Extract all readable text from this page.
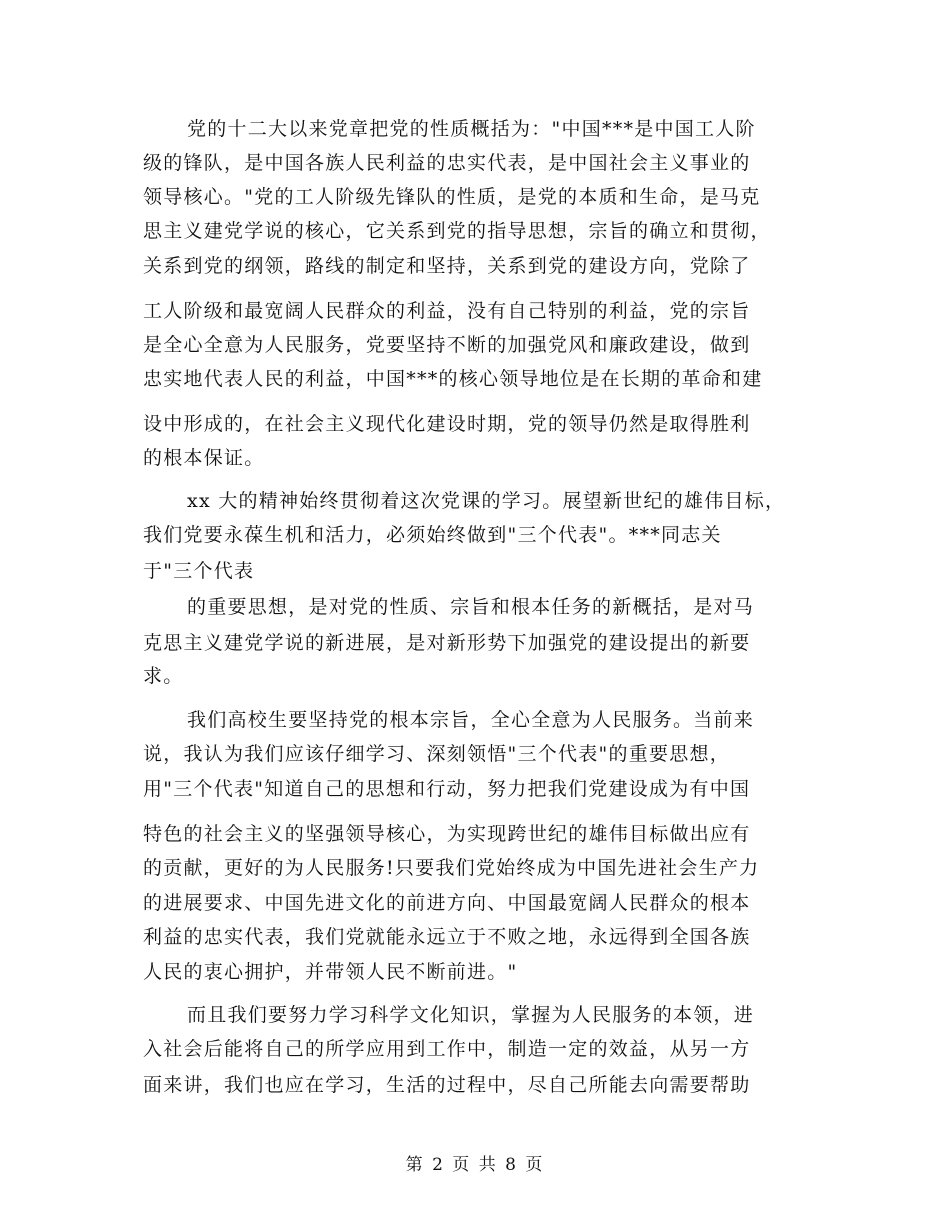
党的十二大以来党章把党的性质概括为："中国***是中国工人阶
级的锋队，是中国各族人民利益的忠实代表，是中国社会主义事业的
领导核心。"党的工人阶级先锋队的性质，是党的本质和生命，是马克
思主义建党学说的核心，它关系到党的指导思想，宗旨的确立和贯彻，
关系到党的纲领，路线的制定和坚持，关系到党的建设方向，党除了
工人阶级和最宽阔人民群众的利益，没有自己特别的利益，党的宗旨
是全心全意为人民服务，党要坚持不断的加强党风和廉政建设，做到
忠实地代表人民的利益，中国***的核心领导地位是在长期的革命和建
设中形成的，在社会主义现代化建设时期，党的领导仍然是取得胜利
的根本保证。
xx 大的精神始终贯彻着这次党课的学习。展望新世纪的雄伟目标，
我们党要永葆生机和活力，必须始终做到"三个代表"。***同志关
于"三个代表
的重要思想，是对党的性质、宗旨和根本任务的新概括，是对马
克思主义建党学说的新进展，是对新形势下加强党的建设提出的新要
求。
我们高校生要坚持党的根本宗旨，全心全意为人民服务。当前来
说，我认为我们应该仔细学习、深刻领悟"三个代表"的重要思想，
用"三个代表"知道自己的思想和行动，努力把我们党建设成为有中国
特色的社会主义的坚强领导核心，为实现跨世纪的雄伟目标做出应有
的贡献，更好的为人民服务!只要我们党始终成为中国先进社会生产力
的进展要求、中国先进文化的前进方向、中国最宽阔人民群众的根本
利益的忠实代表，我们党就能永远立于不败之地，永远得到全国各族
人民的衷心拥护，并带领人民不断前进。"
而且我们要努力学习科学文化知识，掌握为人民服务的本领，进
入社会后能将自己的所学应用到工作中，制造一定的效益，从另一方
面来讲，我们也应在学习，生活的过程中，尽自己所能去向需要帮助
第 2 页 共 8 页
